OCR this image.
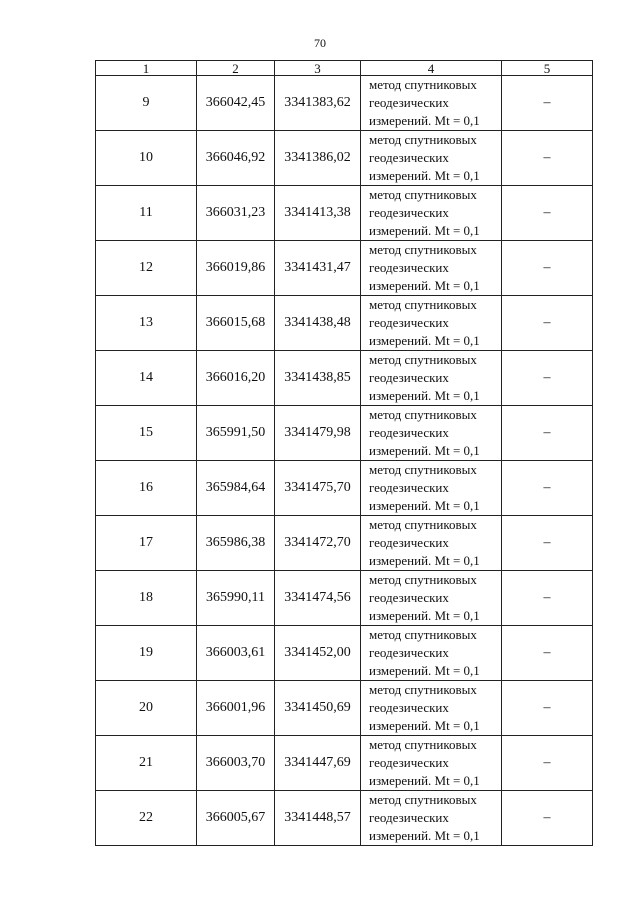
70
1	2	3	4	5
9	366042,45	3341383,62	метод спутниковых
геодезических
измерений. Mt = 0,1	–
10	366046,92	3341386,02	метод спутниковых
геодезических
измерений. Mt = 0,1	–
11	366031,23	3341413,38	метод спутниковых
геодезических
измерений. Mt = 0,1	–
12	366019,86	3341431,47	метод спутниковых
геодезических
измерений. Mt = 0,1	–
13	366015,68	3341438,48	метод спутниковых
геодезических
измерений. Mt = 0,1	–
14	366016,20	3341438,85	метод спутниковых
геодезических
измерений. Mt = 0,1	–
15	365991,50	3341479,98	метод спутниковых
геодезических
измерений. Mt = 0,1	–
16	365984,64	3341475,70	метод спутниковых
геодезических
измерений. Mt = 0,1	–
17	365986,38	3341472,70	метод спутниковых
геодезических
измерений. Mt = 0,1	–
18	365990,11	3341474,56	метод спутниковых
геодезических
измерений. Mt = 0,1	–
19	366003,61	3341452,00	метод спутниковых
геодезических
измерений. Mt = 0,1	–
20	366001,96	3341450,69	метод спутниковых
геодезических
измерений. Mt = 0,1	–
21	366003,70	3341447,69	метод спутниковых
геодезических
измерений. Mt = 0,1	–
22	366005,67	3341448,57	метод спутниковых
геодезических
измерений. Mt = 0,1	–
